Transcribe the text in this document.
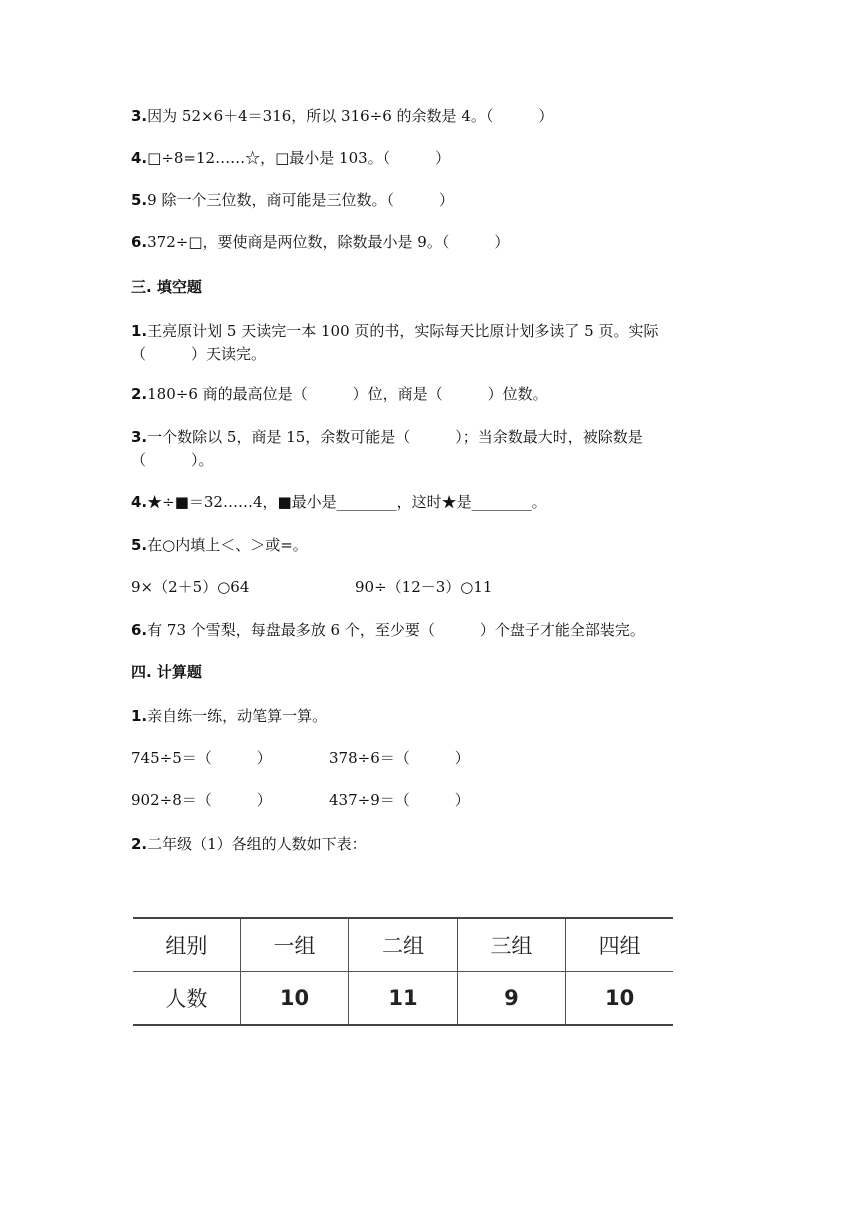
3.因为 52×6＋4＝316，所以 316÷6 的余数是 4。（　　　）
4.□÷8=12……☆，□最小是 103。（　　　）
5.9 除一个三位数，商可能是三位数。（　　　）
6.372÷□，要使商是两位数，除数最小是 9。（　　　）
三. 填空题
1.王亮原计划 5 天读完一本 100 页的书，实际每天比原计划多读了 5 页。实际
（　　　）天读完。
2.180÷6 商的最高位是（　　　）位，商是（　　　）位数。
3.一个数除以 5，商是 15，余数可能是（　　　）；当余数最大时，被除数是
（　　　）。
4.★÷■＝32……4，■最小是________，这时★是________。
5.在○内填上＜、＞或=。
9×（2＋5）○64	90÷（12－3）○11
6.有 73 个雪梨，每盘最多放 6 个，至少要（　　　）个盘子才能全部装完。
四. 计算题
1.亲自练一练，动笔算一算。
745÷5＝（　　　）	378÷6＝（　　　）
902÷8＝（　　　）	437÷9＝（　　　）
2.二年级（1）各组的人数如下表：
组别	一组	二组	三组	四组
人数	10	11	9	10
